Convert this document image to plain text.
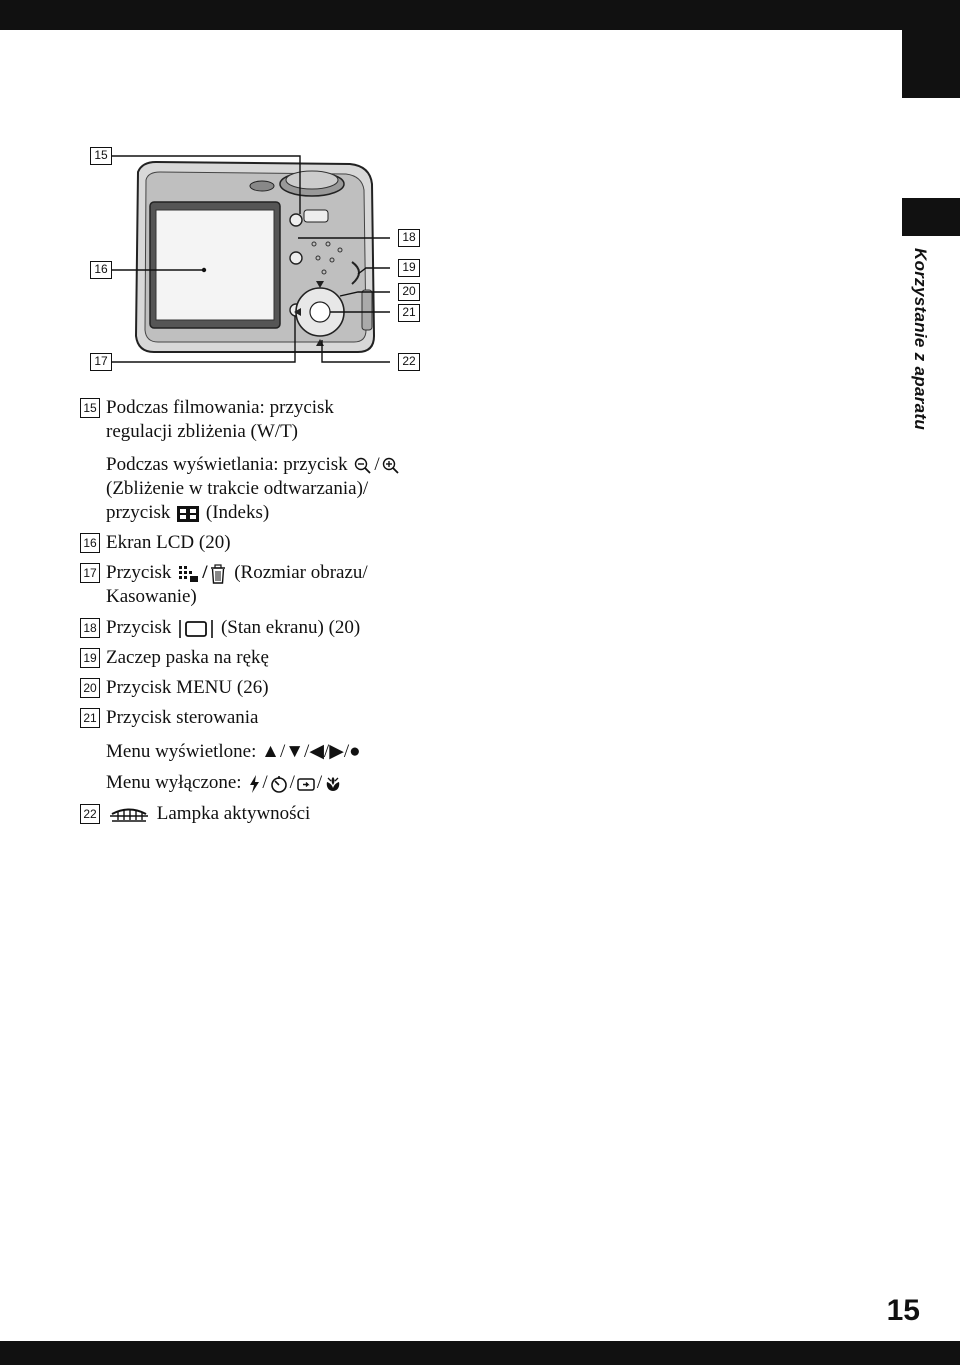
Korzystanie z aparatu
15
16
17
18
19
20
21
22
15 Podczas filmowania: przycisk
regulacji zbliżenia (W/T)
Podczas wyświetlania: przycisk /
(Zbliżenie w trakcie odtwarzania)/
przycisk (Indeks)
16 Ekran LCD (20)
17 Przycisk / (Rozmiar obrazu/
Kasowanie)
18 Przycisk	(Stan ekranu) (20)
19 Zaczep paska na rękę
20 Przycisk MENU (26)
21 Przycisk sterowania
Menu wyświetlone: ▲/▼/◀/▶/●
Menu wyłączone: / / /
22	Lampka aktywności
15
